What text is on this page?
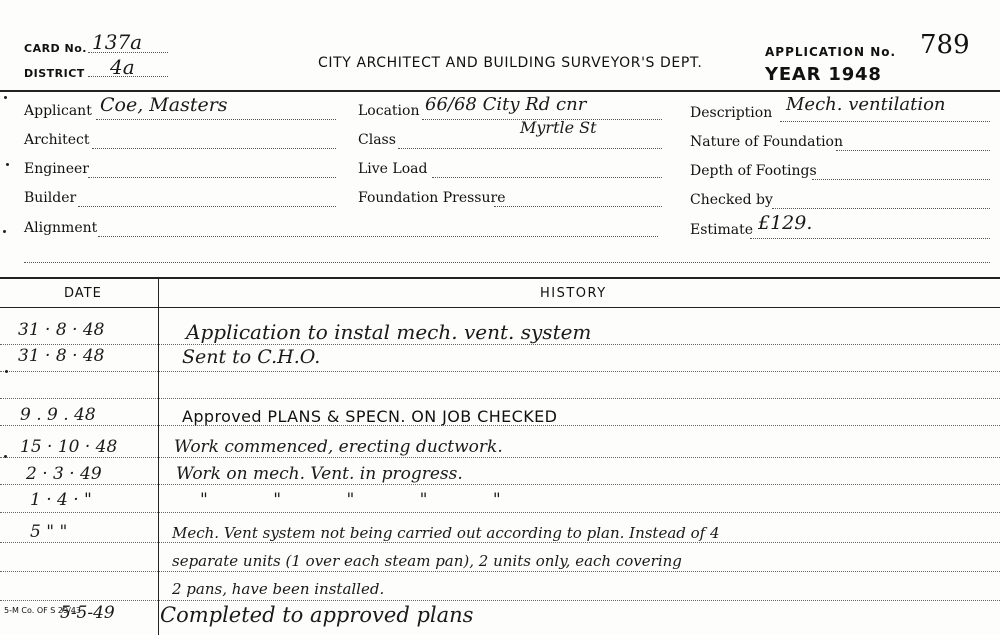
CARD No. 137a
DISTRICT 4a	CITY ARCHITECT AND BUILDING SURVEYOR'S DEPT.
APPLICATION No. 789
YEAR 1948
Applicant Coe, Masters
Architect
Engineer
Builder
Alignment
Location 66/68 City Rd cnr
Myrtle St
Class
Live Load
Foundation Pressure
Description Mech. ventilation
Nature of Foundation
Depth of Footings
Checked by
Estimate £129.
DATE	HISTORY
31 · 8 · 48	Application to instal mech. vent. system
31 · 8 · 48	Sent to C.H.O.
9 . 9 . 48	Approved PLANS & SPECN. ON JOB CHECKED
15 · 10 · 48	Work commenced, erecting ductwork.
2 · 3 · 49	Work on mech. Vent. in progress.
1 · 4 · "	" " " " "
5 " "	Mech. Vent system not being carried out according to plan. Instead of 4
separate units (1 over each steam pan), 2 units only, each covering
2 pans, have been installed.
5-5-49 Completed to approved plans
5-M Co. OF S 29/43
